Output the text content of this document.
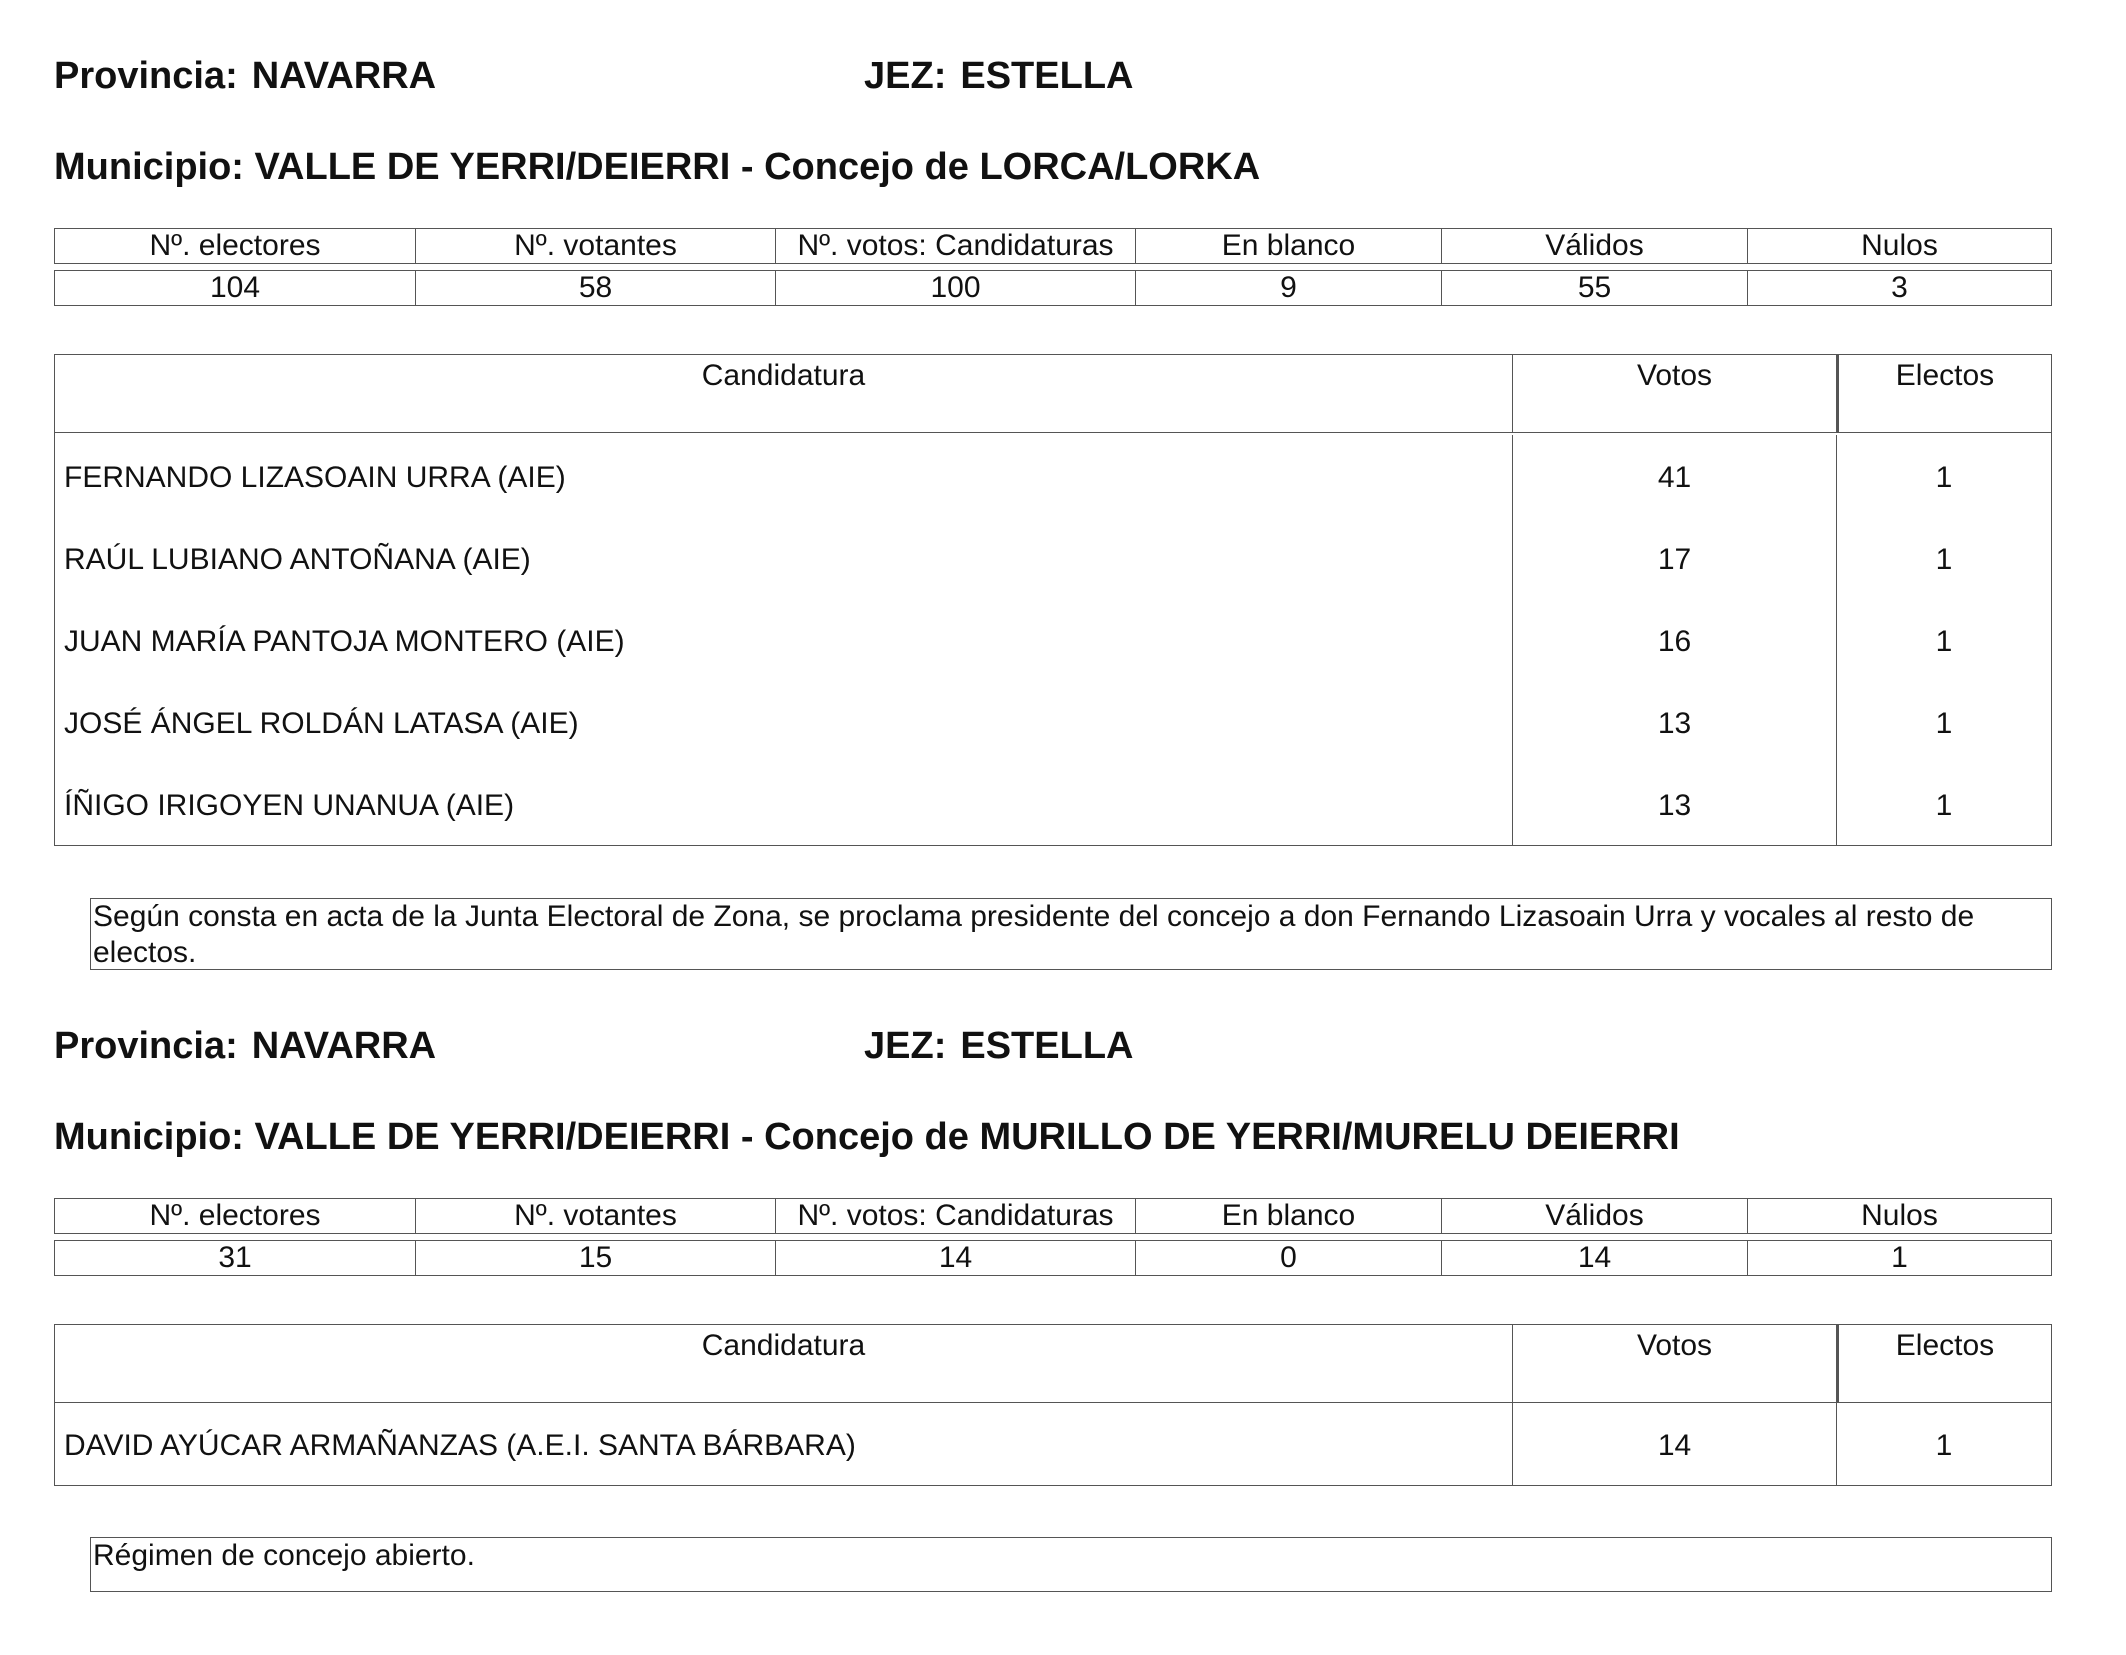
Provincia: NAVARRA	JEZ: ESTELLA
Municipio: VALLE DE YERRI/DEIERRI - Concejo de LORCA/LORKA
Nº. electores	Nº. votantes	Nº. votos: Candidaturas	En blanco	Válidos	Nulos
104	58	100	9	55	3
Candidatura	Votos	Electos
FERNANDO LIZASOAIN URRA (AIE)	41	1
RAÚL LUBIANO ANTOÑANA (AIE)	17	1
JUAN MARÍA PANTOJA MONTERO (AIE)	16	1
JOSÉ ÁNGEL ROLDÁN LATASA (AIE)	13	1
ÍÑIGO IRIGOYEN UNANUA (AIE)	13	1
Según consta en acta de la Junta Electoral de Zona, se proclama presidente del concejo a don Fernando Lizasoain Urra y vocales al resto de electos.
Provincia: NAVARRA	JEZ: ESTELLA
Municipio: VALLE DE YERRI/DEIERRI - Concejo de MURILLO DE YERRI/MURELU DEIERRI
Nº. electores	Nº. votantes	Nº. votos: Candidaturas	En blanco	Válidos	Nulos
31	15	14	0	14	1
Candidatura	Votos	Electos
DAVID AYÚCAR ARMAÑANZAS (A.E.I. SANTA BÁRBARA)	14	1
Régimen de concejo abierto.
